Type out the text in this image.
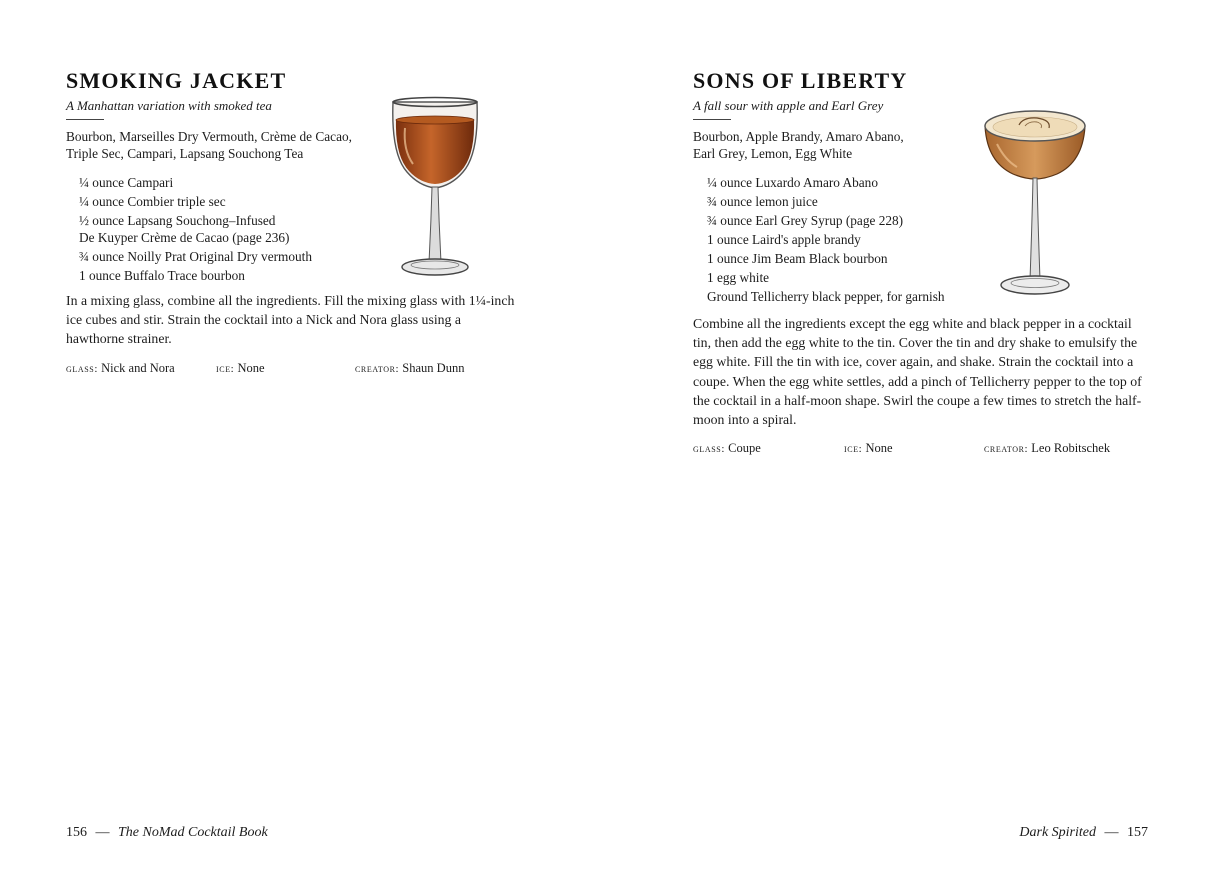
SMOKING JACKET
A Manhattan variation with smoked tea
Bourbon, Marseilles Dry Vermouth, Crème de Cacao,
Triple Sec, Campari, Lapsang Souchong Tea
¼ ounce Campari
¼ ounce Combier triple sec
½ ounce Lapsang Souchong–Infused
De Kuyper Crème de Cacao (page 236)
¾ ounce Noilly Prat Original Dry vermouth
1 ounce Buffalo Trace bourbon

In a mixing glass, combine all the ingredients. Fill the mixing glass with 1¼-inch ice cubes and stir. Strain the cocktail into a Nick and Nora glass using a hawthorne strainer.

glass: Nick and Nora	ice: None	creator: Shaun Dunn
156 — The NoMad Cocktail Book
SONS OF LIBERTY
A fall sour with apple and Earl Grey
Bourbon, Apple Brandy, Amaro Abano,
Earl Grey, Lemon, Egg White
¼ ounce Luxardo Amaro Abano
¾ ounce lemon juice
¾ ounce Earl Grey Syrup (page 228)
1 ounce Laird's apple brandy
1 ounce Jim Beam Black bourbon
1 egg white
Ground Tellicherry black pepper, for garnish

Combine all the ingredients except the egg white and black pepper in a cocktail tin, then add the egg white to the tin. Cover the tin and dry shake to emulsify the egg white. Fill the tin with ice, cover again, and shake. Strain the cocktail into a coupe. When the egg white settles, add a pinch of Tellicherry pepper to the top of the cocktail in a half-moon shape. Swirl the coupe a few times to stretch the half-moon into a spiral.

glass: Coupe	ice: None	creator: Leo Robitschek
Dark Spirited — 157
